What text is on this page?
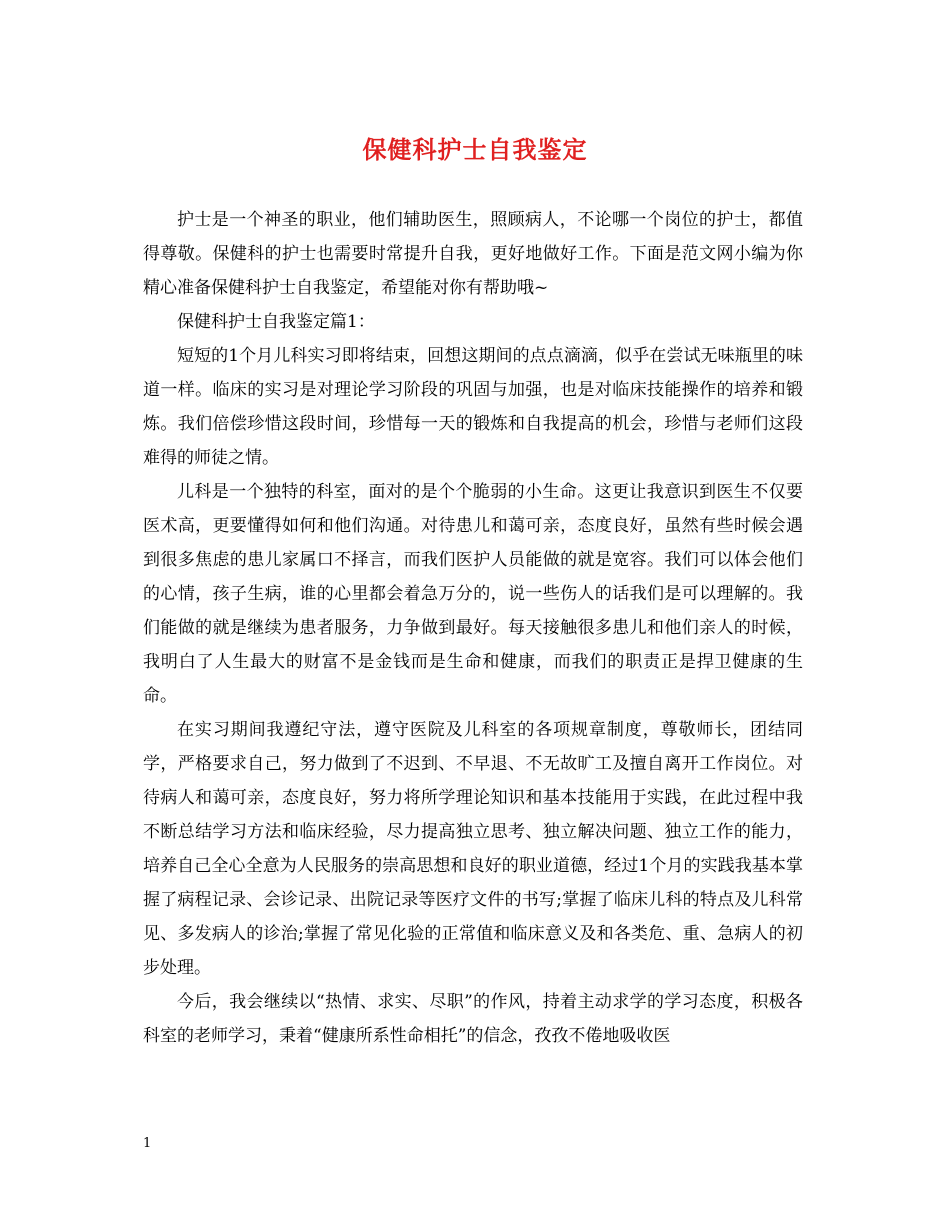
保健科护士自我鉴定

护士是一个神圣的职业，他们辅助医生，照顾病人，不论哪一个岗位的护士，都值得尊敬。保健科的护士也需要时常提升自我，更好地做好工作。下面是范文网小编为你精心准备保健科护士自我鉴定，希望能对你有帮助哦~

保健科护士自我鉴定篇1：

短短的1个月儿科实习即将结束，回想这期间的点点滴滴，似乎在尝试无味瓶里的味道一样。临床的实习是对理论学习阶段的巩固与加强，也是对临床技能操作的培养和锻炼。我们倍偿珍惜这段时间，珍惜每一天的锻炼和自我提高的机会，珍惜与老师们这段难得的师徒之情。

儿科是一个独特的科室，面对的是个个脆弱的小生命。这更让我意识到医生不仅要医术高，更要懂得如何和他们沟通。对待患儿和蔼可亲，态度良好，虽然有些时候会遇到很多焦虑的患儿家属口不择言，而我们医护人员能做的就是宽容。我们可以体会他们的心情，孩子生病，谁的心里都会着急万分的，说一些伤人的话我们是可以理解的。我们能做的就是继续为患者服务，力争做到最好。每天接触很多患儿和他们亲人的时候，我明白了人生最大的财富不是金钱而是生命和健康，而我们的职责正是捍卫健康的生命。

在实习期间我遵纪守法，遵守医院及儿科室的各项规章制度，尊敬师长，团结同学，严格要求自己，努力做到了不迟到、不早退、不无故旷工及擅自离开工作岗位。对待病人和蔼可亲，态度良好，努力将所学理论知识和基本技能用于实践，在此过程中我不断总结学习方法和临床经验，尽力提高独立思考、独立解决问题、独立工作的能力，培养自己全心全意为人民服务的崇高思想和良好的职业道德，经过1个月的实践我基本掌握了病程记录、会诊记录、出院记录等医疗文件的书写;掌握了临床儿科的特点及儿科常见、多发病人的诊治;掌握了常见化验的正常值和临床意义及和各类危、重、急病人的初步处理。

今后，我会继续以“热情、求实、尽职”的作风，持着主动求学的学习态度，积极各科室的老师学习，秉着“健康所系性命相托”的信念，孜孜不倦地吸收医

1
